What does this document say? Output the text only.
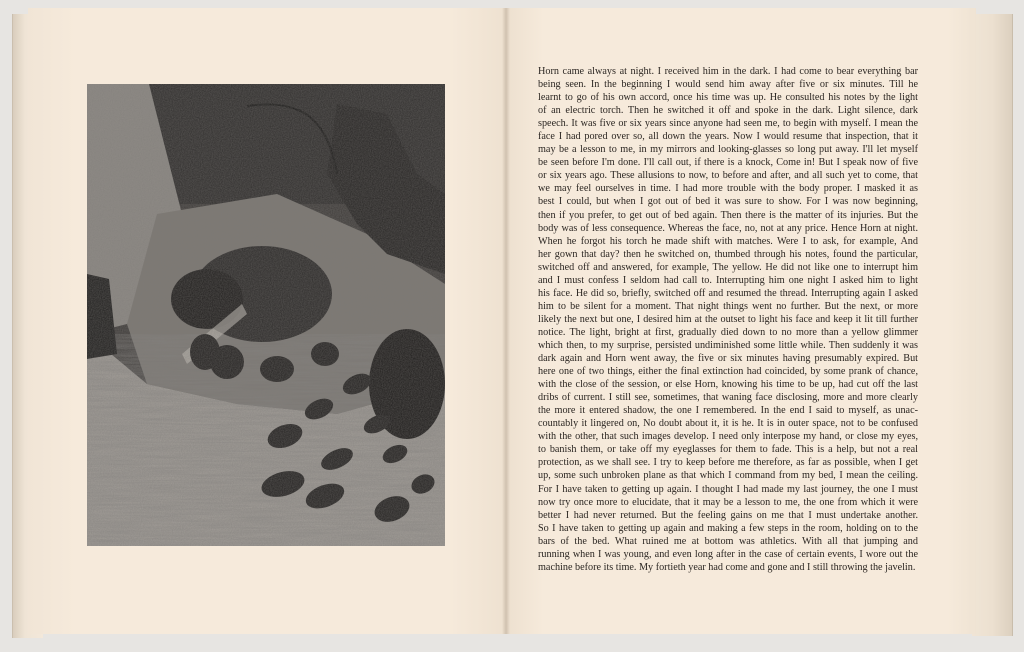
Horn came always at night. I received him in the dark. I had come to bear everything bar
being seen. In the beginning I would send him away after five or six minutes. Till he
learnt to go of his own accord, once his time was up. He consulted his notes by the light
of an electric torch. Then he switched it off and spoke in the dark. Light silence, dark
speech. It was five or six years since anyone had seen me, to begin with myself. I mean the
face I had pored over so, all down the years. Now I would resume that inspection, that it
may be a lesson to me, in my mirrors and looking-glasses so long put away. I'll let myself
be seen before I'm done. I'll call out, if there is a knock, Come in! But I speak now of five
or six years ago. These allusions to now, to before and after, and all such yet to come, that
we may feel ourselves in time. I had more trouble with the body proper. I masked it as
best I could, but when I got out of bed it was sure to show. For I was now beginning,
then if you prefer, to get out of bed again. Then there is the matter of its injuries. But the
body was of less consequence. Whereas the face, no, not at any price. Hence Horn at night.
When he forgot his torch he made shift with matches. Were I to ask, for example, And
her gown that day? then he switched on, thumbed through his notes, found the particular,
switched off and answered, for example, The yellow. He did not like one to interrupt him
and I must confess I seldom had call to. Interrupting him one night I asked him to light
his face. He did so, briefly, switched off and resumed the thread. Interrupting again I asked
him to be silent for a moment. That night things went no further. But the next, or more
likely the next but one, I desired him at the outset to light his face and keep it lit till further
notice. The light, bright at first, gradually died down to no more than a yellow glimmer
which then, to my surprise, persisted undiminished some little while. Then suddenly it was
dark again and Horn went away, the five or six minutes having presumably expired. But
here one of two things, either the final extinction had coincided, by some prank of chance,
with the close of the session, or else Horn, knowing his time to be up, had cut off the last
dribs of current. I still see, sometimes, that waning face disclosing, more and more clearly
the more it entered shadow, the one I remembered. In the end I said to myself, as unac-
countably it lingered on, No doubt about it, it is he. It is in outer space, not to be confused
with the other, that such images develop. I need only interpose my hand, or close my eyes,
to banish them, or take off my eyeglasses for them to fade. This is a help, but not a real
protection, as we shall see. I try to keep before me therefore, as far as possible, when I get
up, some such unbroken plane as that which I command from my bed, I mean the ceiling.
For I have taken to getting up again. I thought I had made my last journey, the one I must
now try once more to elucidate, that it may be a lesson to me, the one from which it were
better I had never returned. But the feeling gains on me that I must undertake another.
So I have taken to getting up again and making a few steps in the room, holding on to the
bars of the bed. What ruined me at bottom was athletics. With all that jumping and
running when I was young, and even long after in the case of certain events, I wore out the
machine before its time. My fortieth year had come and gone and I still throwing the javelin.
